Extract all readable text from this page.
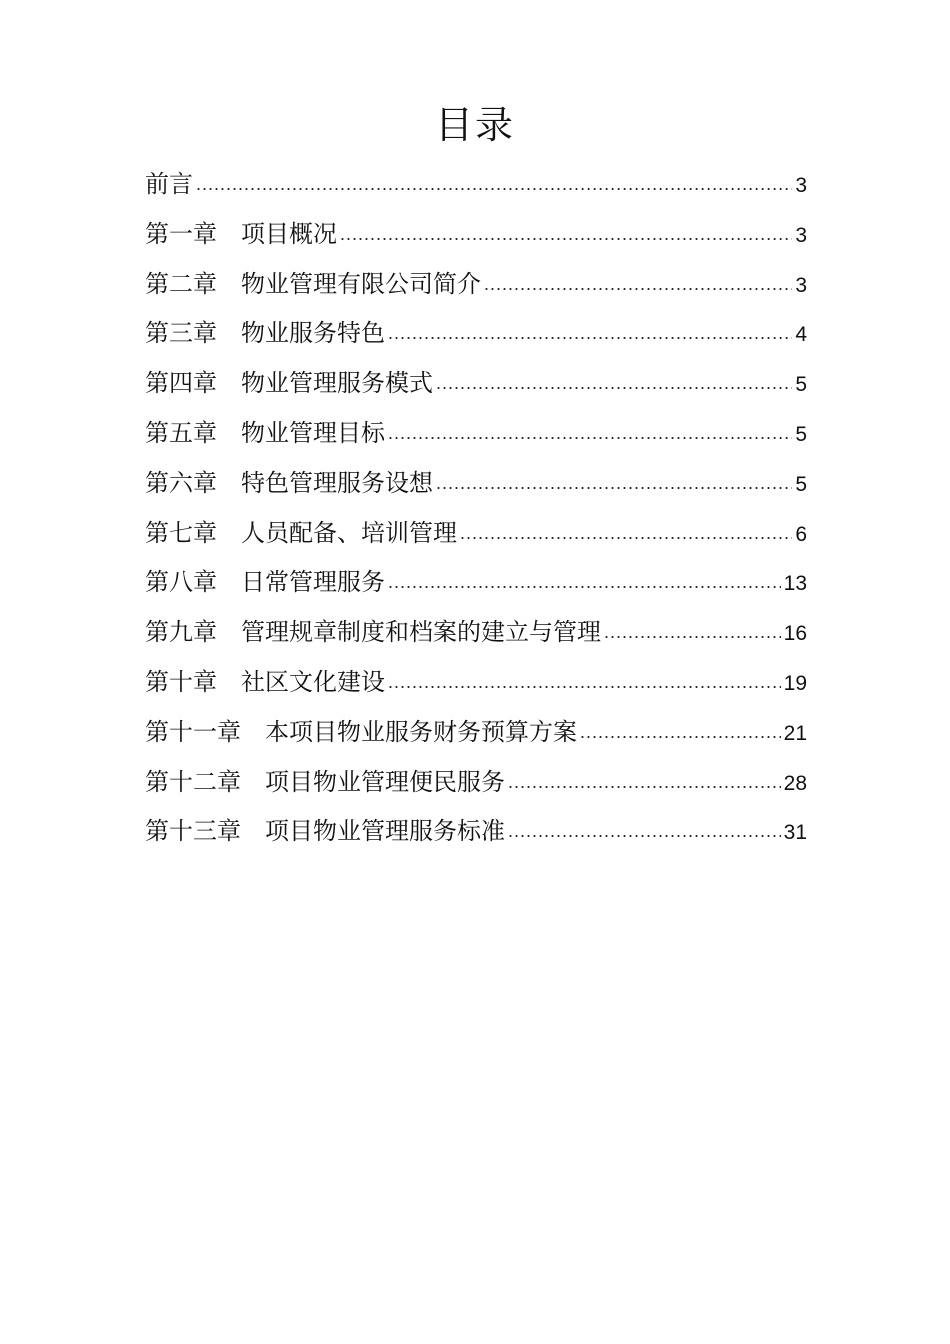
目录
前言 .....	3
第一章　项目概况 .....	3
第二章　物业管理有限公司简介 .....	3
第三章　物业服务特色 .....	4
第四章　物业管理服务模式 .....	5
第五章　物业管理目标 .....	5
第六章　特色管理服务设想 .....	5
第七章　人员配备、培训管理 .....	6
第八章　日常管理服务 .....	13
第九章　管理规章制度和档案的建立与管理 .....	16
第十章　社区文化建设 .....	19
第十一章　本项目物业服务财务预算方案 .....	21
第十二章　项目物业管理便民服务 .....	28
第十三章　项目物业管理服务标准 .....	31
